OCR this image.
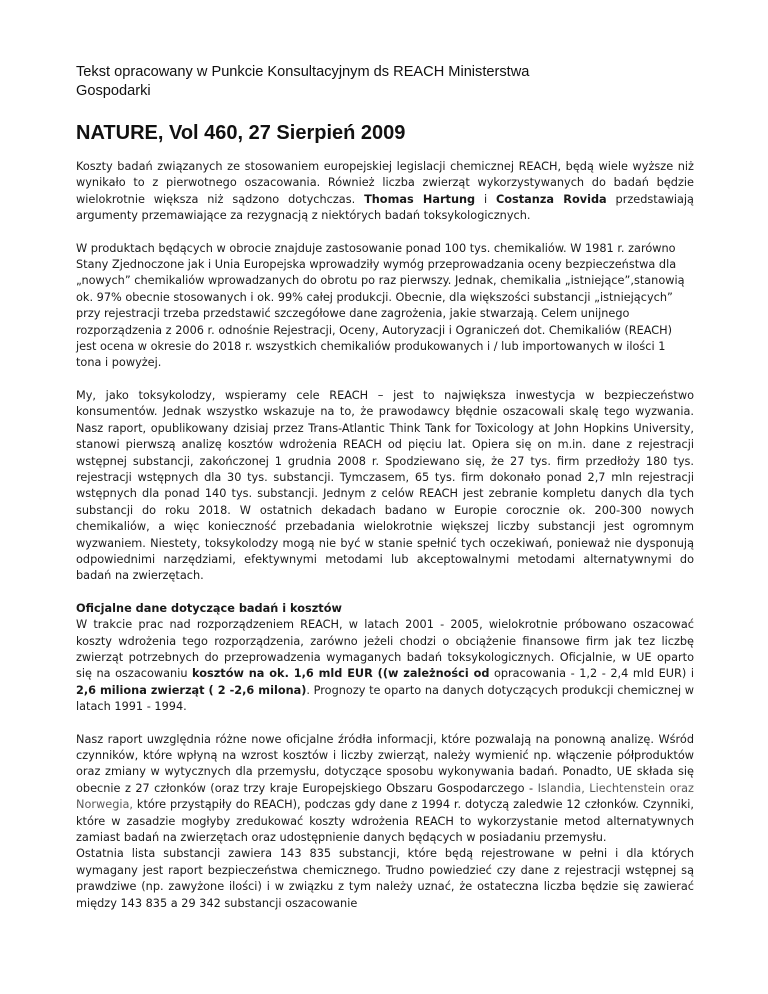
Tekst opracowany w Punkcie Konsultacyjnym ds REACH Ministerstwa
Gospodarki
NATURE, Vol 460, 27 Sierpień 2009

Koszty badań związanych ze stosowaniem europejskiej legislacji chemicznej REACH, będą wiele wyższe niż wynikało to z pierwotnego oszacowania. Również liczba zwierząt wykorzystywanych do badań będzie wielokrotnie większa niż sądzono dotychczas. Thomas Hartung i Costanza Rovida przedstawiają argumenty przemawiające za rezygnacją z niektórych badań toksykologicznych.

W produktach będących w obrocie znajduje zastosowanie ponad 100 tys. chemikaliów. W 1981 r. zarówno Stany Zjednoczone jak i Unia Europejska wprowadziły wymóg przeprowadzania oceny bezpieczeństwa dla „nowych” chemikaliów wprowadzanych do obrotu po raz pierwszy. Jednak, chemikalia „istniejące”,stanowią ok. 97% obecnie stosowanych i ok. 99% całej produkcji. Obecnie, dla większości substancji „istniejących” przy rejestracji trzeba przedstawić szczegółowe dane zagrożenia, jakie stwarzają. Celem unijnego rozporządzenia z 2006 r. odnośnie Rejestracji, Oceny, Autoryzacji i Ograniczeń dot. Chemikaliów (REACH) jest ocena w okresie do 2018 r. wszystkich chemikaliów produkowanych i / lub importowanych w ilości 1 tona i powyżej.

My, jako toksykolodzy, wspieramy cele REACH – jest to największa inwestycja w bezpieczeństwo konsumentów. Jednak wszystko wskazuje na to, że prawodawcy błędnie oszacowali skalę tego wyzwania. Nasz raport, opublikowany dzisiaj przez Trans-Atlantic Think Tank for Toxicology at John Hopkins University, stanowi pierwszą analizę kosztów wdrożenia REACH od pięciu lat. Opiera się on m.in. dane z rejestracji wstępnej substancji, zakończonej 1 grudnia 2008 r. Spodziewano się, że 27 tys. firm przedłoży 180 tys. rejestracji wstępnych dla 30 tys. substancji. Tymczasem, 65 tys. firm dokonało ponad 2,7 mln rejestracji wstępnych dla ponad 140 tys. substancji. Jednym z celów REACH jest zebranie kompletu danych dla tych substancji do roku 2018. W ostatnich dekadach badano w Europie corocznie ok. 200-300 nowych chemikaliów, a więc konieczność przebadania wielokrotnie większej liczby substancji jest ogromnym wyzwaniem. Niestety, toksykolodzy mogą nie być w stanie spełnić tych oczekiwań, ponieważ nie dysponują odpowiednimi narzędziami, efektywnymi metodami lub akceptowalnymi metodami alternatywnymi do badań na zwierzętach.

Oficjalne dane dotyczące badań i kosztów
W trakcie prac nad rozporządzeniem REACH, w latach 2001 - 2005, wielokrotnie próbowano oszacować koszty wdrożenia tego rozporządzenia, zarówno jeżeli chodzi o obciążenie finansowe firm jak tez liczbę zwierząt potrzebnych do przeprowadzenia wymaganych badań toksykologicznych. Oficjalnie, w UE oparto się na oszacowaniu kosztów na ok. 1,6 mld EUR ((w zależności od opracowania - 1,2 - 2,4 mld EUR) i 2,6 miliona zwierząt ( 2 -2,6 milona). Prognozy te oparto na danych dotyczących produkcji chemicznej w latach 1991 - 1994.

Nasz raport uwzględnia różne nowe oficjalne źródła informacji, które pozwalają na ponowną analizę. Wśród czynników, które wpłyną na wzrost kosztów i liczby zwierząt, należy wymienić np. włączenie półproduktów oraz zmiany w wytycznych dla przemysłu, dotyczące sposobu wykonywania badań. Ponadto, UE składa się obecnie z 27 członków (oraz trzy kraje Europejskiego Obszaru Gospodarczego - Islandia, Liechtenstein oraz Norwegia, które przystąpiły do REACH), podczas gdy dane z 1994 r. dotyczą zaledwie 12 członków. Czynniki, które w zasadzie mogłyby zredukować koszty wdrożenia REACH to wykorzystanie metod alternatywnych zamiast badań na zwierzętach oraz udostępnienie danych będących w posiadaniu przemysłu.

Ostatnia lista substancji zawiera 143 835 substancji, które będą rejestrowane w pełni i dla których wymagany jest raport bezpieczeństwa chemicznego. Trudno powiedzieć czy dane z rejestracji wstępnej są prawdziwe (np. zawyżone ilości) i w związku z tym należy uznać, że ostateczna liczba będzie się zawierać między 143 835 a 29 342 substancji oszacowanie
